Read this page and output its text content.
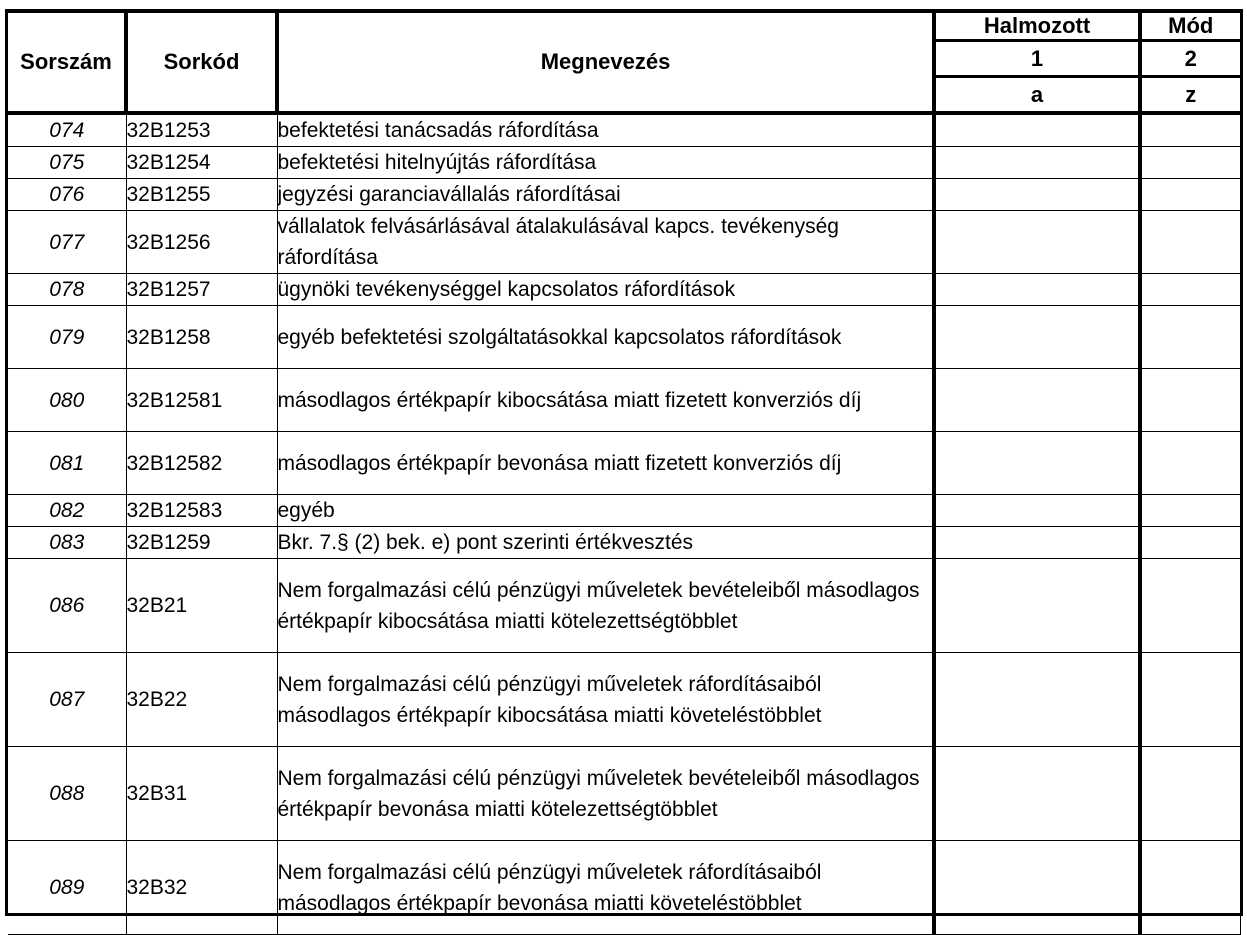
Sorszám	Sorkód	Megnevezés	Halmozott	Mód
			1	2
			a	z
074	32B1253	befektetési tanácsadás ráfordítása		
075	32B1254	befektetési hitelnyújtás ráfordítása		
076	32B1255	jegyzési garanciavállalás ráfordításai		
077	32B1256	vállalatok felvásárlásával átalakulásával kapcs. tevékenység ráfordítása		
078	32B1257	ügynöki tevékenységgel kapcsolatos ráfordítások		
079	32B1258	egyéb befektetési szolgáltatásokkal kapcsolatos ráfordítások		
080	32B12581	másodlagos értékpapír kibocsátása miatt fizetett konverziós díj		
081	32B12582	másodlagos értékpapír bevonása miatt fizetett konverziós díj		
082	32B12583	egyéb		
083	32B1259	Bkr. 7.§ (2) bek. e) pont szerinti értékvesztés		
086	32B21	Nem forgalmazási célú pénzügyi műveletek bevételeiből másodlagos értékpapír kibocsátása miatti kötelezettségtöbblet		
087	32B22	Nem forgalmazási célú pénzügyi műveletek ráfordításaiból másodlagos értékpapír kibocsátása miatti követeléstöbblet		
088	32B31	Nem forgalmazási célú pénzügyi műveletek bevételeiből másodlagos értékpapír bevonása miatti kötelezettségtöbblet		
089	32B32	Nem forgalmazási célú pénzügyi műveletek ráfordításaiból másodlagos értékpapír bevonása miatti követeléstöbblet		
